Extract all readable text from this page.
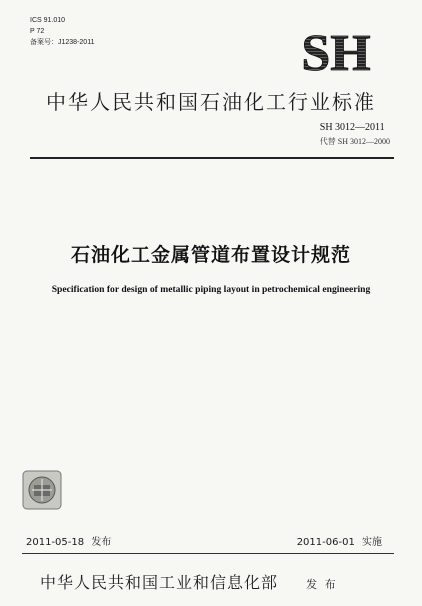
ICS 91.010
P 72
备案号：J1238-2011	SH
中华人民共和国石油化工行业标准
SH 3012—2011
代替 SH 3012—2000
石油化工金属管道布置设计规范
Specification for design of metallic piping layout in petrochemical engineering
2011-05-18 发布	2011-06-01 实施
中华人民共和国工业和信息化部	发 布
